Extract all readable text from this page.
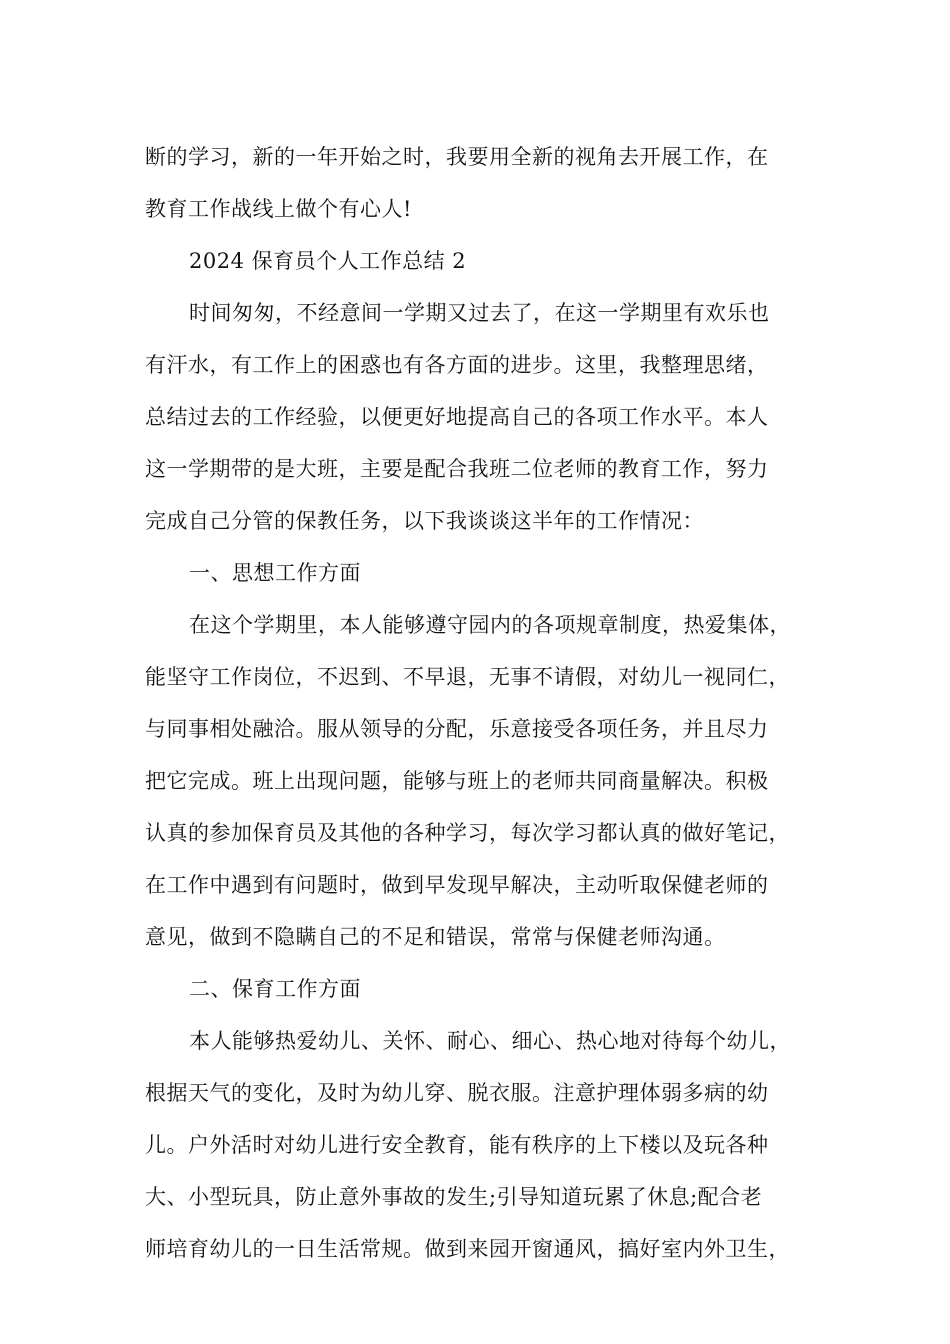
断的学习，新的一年开始之时，我要用全新的视角去开展工作，在
教育工作战线上做个有心人!
2024 保育员个人工作总结 2
时间匆匆，不经意间一学期又过去了，在这一学期里有欢乐也
有汗水，有工作上的困惑也有各方面的进步。这里，我整理思绪，
总结过去的工作经验，以便更好地提高自己的各项工作水平。本人
这一学期带的是大班，主要是配合我班二位老师的教育工作，努力
完成自己分管的保教任务，以下我谈谈这半年的工作情况：
一、思想工作方面
在这个学期里，本人能够遵守园内的各项规章制度，热爱集体，
能坚守工作岗位，不迟到、不早退，无事不请假，对幼儿一视同仁，
与同事相处融洽。服从领导的分配，乐意接受各项任务，并且尽力
把它完成。班上出现问题，能够与班上的老师共同商量解决。积极
认真的参加保育员及其他的各种学习，每次学习都认真的做好笔记，
在工作中遇到有问题时，做到早发现早解决，主动听取保健老师的
意见，做到不隐瞒自己的不足和错误，常常与保健老师沟通。
二、保育工作方面
本人能够热爱幼儿、关怀、耐心、细心、热心地对待每个幼儿，
根据天气的变化，及时为幼儿穿、脱衣服。注意护理体弱多病的幼
儿。户外活时对幼儿进行安全教育，能有秩序的上下楼以及玩各种
大、小型玩具，防止意外事故的发生;引导知道玩累了休息;配合老
师培育幼儿的一日生活常规。做到来园开窗通风，搞好室内外卫生，
